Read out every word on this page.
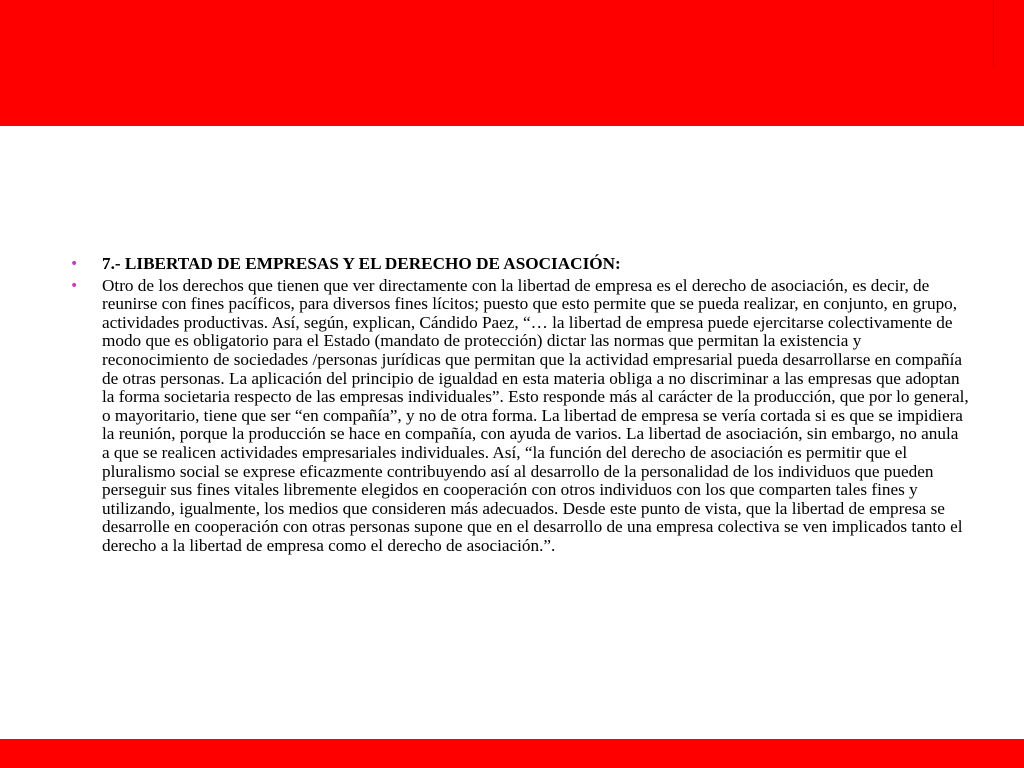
• 7.- LIBERTAD DE EMPRESAS Y EL DERECHO DE ASOCIACIÓN:
• Otro de los derechos que tienen que ver directamente con la libertad de empresa es el derecho de asociación, es decir, de reunirse con fines pacíficos, para diversos fines lícitos; puesto que esto permite que se pueda realizar, en conjunto, en grupo, actividades productivas. Así, según, explican, Cándido Paez, “… la libertad de empresa puede ejercitarse colectivamente de modo que es obligatorio para el Estado (mandato de protección) dictar las normas que permitan la existencia y reconocimiento de sociedades /personas jurídicas que permitan que la actividad empresarial pueda desarrollarse en compañía de otras personas. La aplicación del principio de igualdad en esta materia obliga a no discriminar a las empresas que adoptan la forma societaria respecto de las empresas individuales”. Esto responde más al carácter de la producción, que por lo general, o mayoritario, tiene que ser “en compañía”, y no de otra forma. La libertad de empresa se vería cortada si es que se impidiera la reunión, porque la producción se hace en compañía, con ayuda de varios. La libertad de asociación, sin embargo, no anula a que se realicen actividades empresariales individuales. Así, “la función del derecho de asociación es permitir que el pluralismo social se exprese eficazmente contribuyendo así al desarrollo de la personalidad de los individuos que pueden perseguir sus fines vitales libremente elegidos en cooperación con otros individuos con los que comparten tales fines y utilizando, igualmente, los medios que consideren más adecuados. Desde este punto de vista, que la libertad de empresa se desarrolle en cooperación con otras personas supone que en el desarrollo de una empresa colectiva se ven implicados tanto el derecho a la libertad de empresa como el derecho de asociación.”.
